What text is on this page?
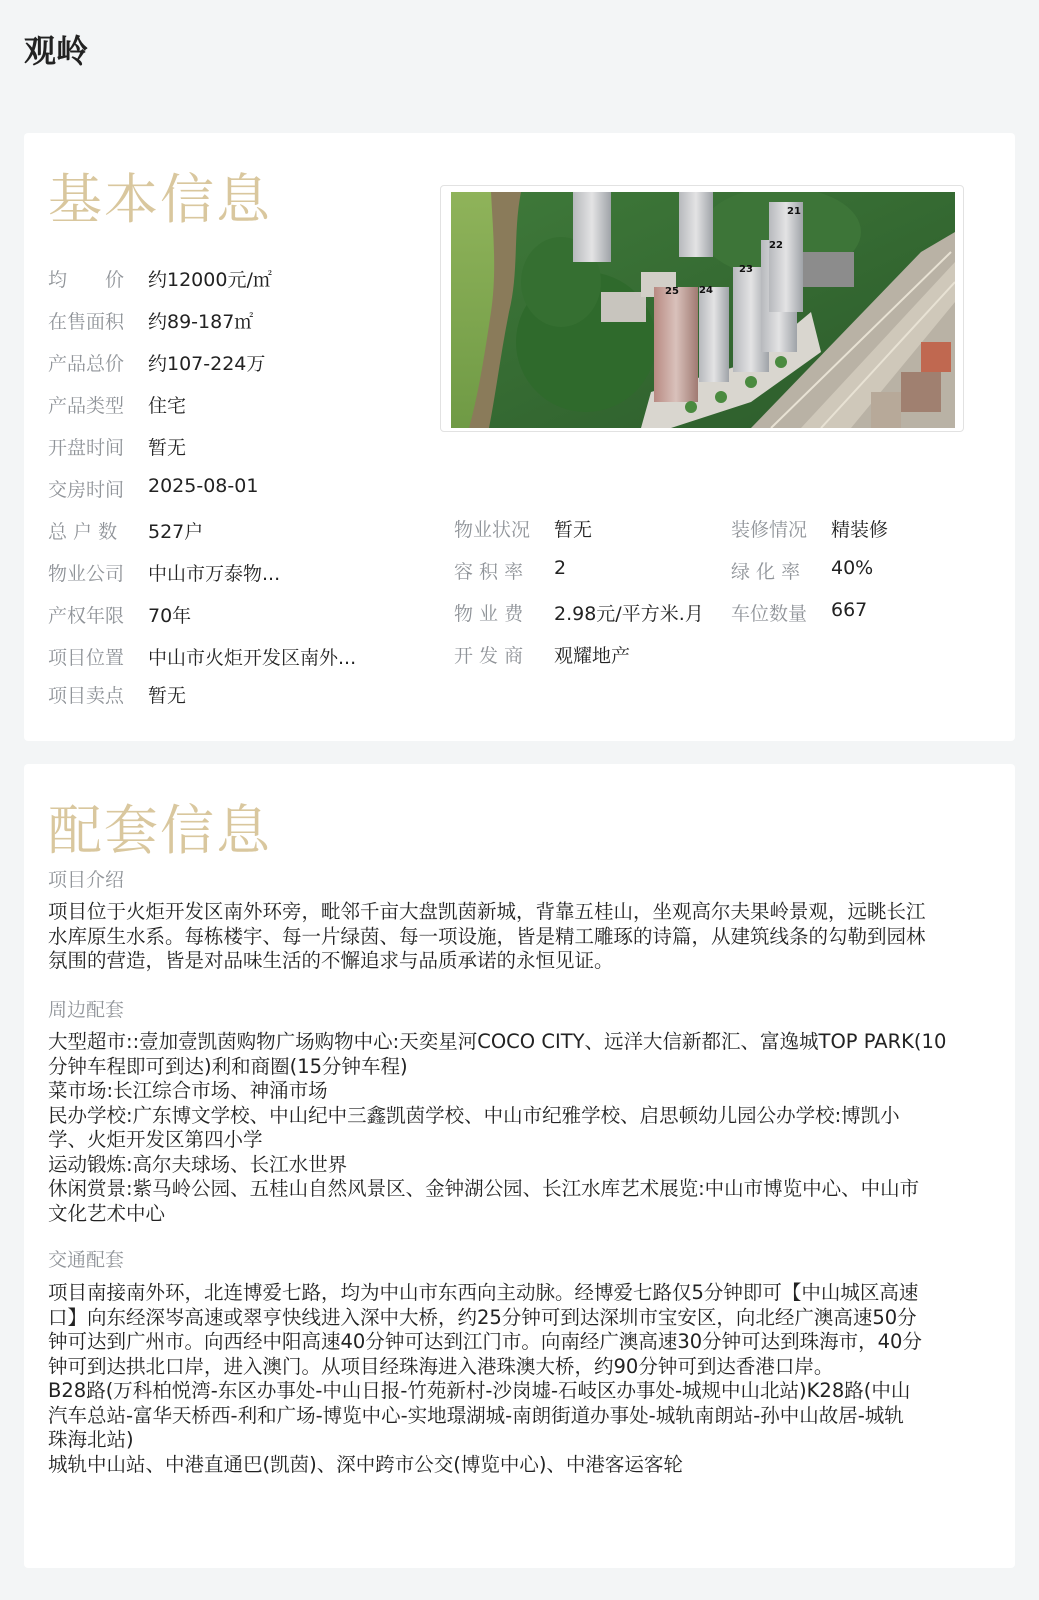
观岭
基本信息
均　　价	约12000元/㎡
在售面积	约89-187㎡
产品总价	约107-224万
产品类型	住宅
开盘时间	暂无
交房时间	2025-08-01
总 户 数	527户
物业公司	中山市万泰物...
产权年限	70年
项目位置	中山市火炬开发区南外...
项目卖点	暂无
物业状况	暂无
容 积 率	2
物 业 费	2.98元/平方米.月
开 发 商	观耀地产
装修情况	精装修
绿 化 率	40%
车位数量	667
21
22
23
24
25
配套信息
项目介绍

项目位于火炬开发区南外环旁，毗邻千亩大盘凯茵新城，背靠五桂山，坐观高尔夫果岭景观，远眺长江

水库原生水系。每栋楼宇、每一片绿茵、每一项设施，皆是精工雕琢的诗篇，从建筑线条的勾勒到园林

氛围的营造，皆是对品味生活的不懈追求与品质承诺的永恒见证。

周边配套

大型超市::壹加壹凯茵购物广场购物中心:天奕星河COCO CITY、远洋大信新都汇、富逸城TOP PARK(10

分钟车程即可到达)利和商圈(15分钟车程)

菜市场:长江综合市场、神涌市场

民办学校:广东博文学校、中山纪中三鑫凯茵学校、中山市纪雅学校、启思顿幼儿园公办学校:博凯小

学、火炬开发区第四小学

运动锻炼:高尔夫球场、长江水世界

休闲赏景:紫马岭公园、五桂山自然风景区、金钟湖公园、长江水库艺术展览:中山市博览中心、中山市

文化艺术中心

交通配套

项目南接南外环，北连博爱七路，均为中山市东西向主动脉。经博爱七路仅5分钟即可【中山城区高速

口】向东经深岑高速或翠亨快线进入深中大桥，约25分钟可到达深圳市宝安区，向北经广澳高速50分

钟可达到广州市。向西经中阳高速40分钟可达到江门市。向南经广澳高速30分钟可达到珠海市，40分

钟可到达拱北口岸，进入澳门。从项目经珠海进入港珠澳大桥，约90分钟可到达香港口岸。

B28路(万科柏悦湾-东区办事处-中山日报-竹苑新村-沙岗墟-石岐区办事处-城规中山北站)K28路(中山

汽车总站-富华天桥西-利和广场-博览中心-实地璟湖城-南朗街道办事处-城轨南朗站-孙中山故居-城轨

珠海北站)

城轨中山站、中港直通巴(凯茵)、深中跨市公交(博览中心)、中港客运客轮
